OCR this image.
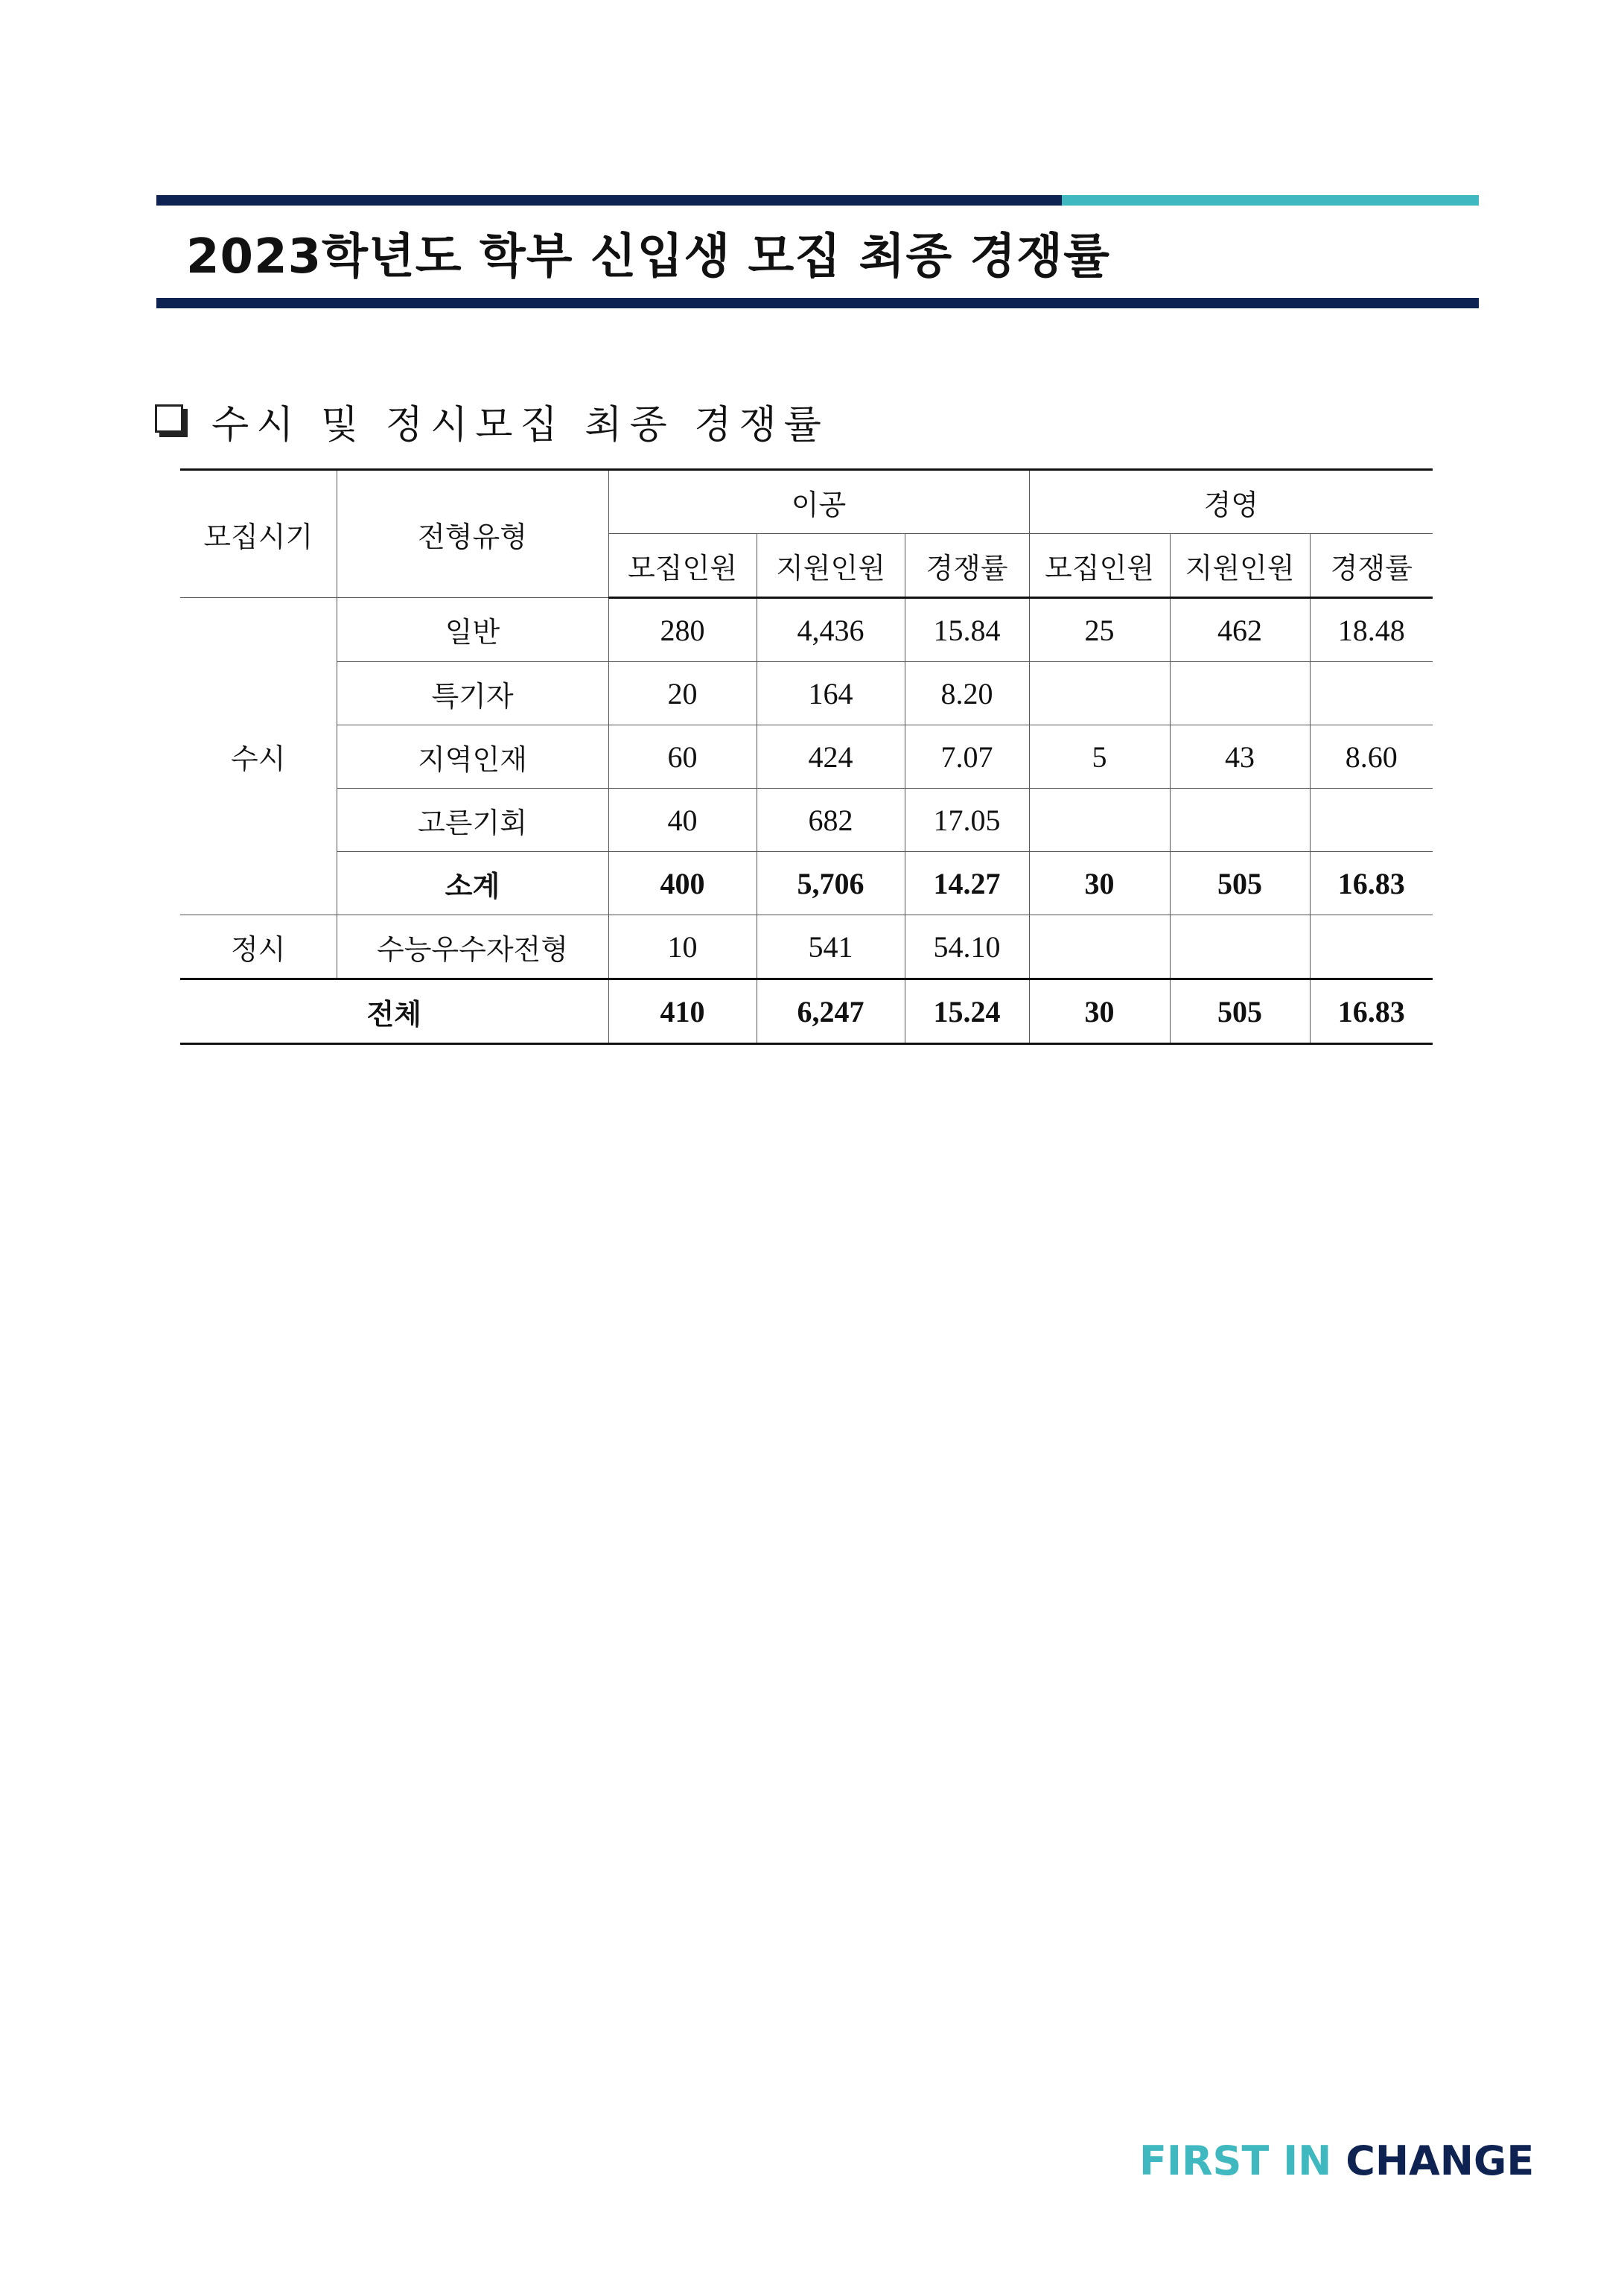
2023학년도 학부 신입생 모집 최종 경쟁률
수시 및 정시모집 최종 경쟁률
모집시기	전형유형	이공			경영		
		모집인원	지원인원	경쟁률	모집인원	지원인원	경쟁률
수시	일반	280	4,436	15.84	25	462	18.48
	특기자	20	164	8.20			
	지역인재	60	424	7.07	5	43	8.60
	고른기회	40	682	17.05			
	소계	400	5,706	14.27	30	505	16.83
정시	수능우수자전형	10	541	54.10			
전체		410	6,247	15.24	30	505	16.83
FIRST IN CHANGE
